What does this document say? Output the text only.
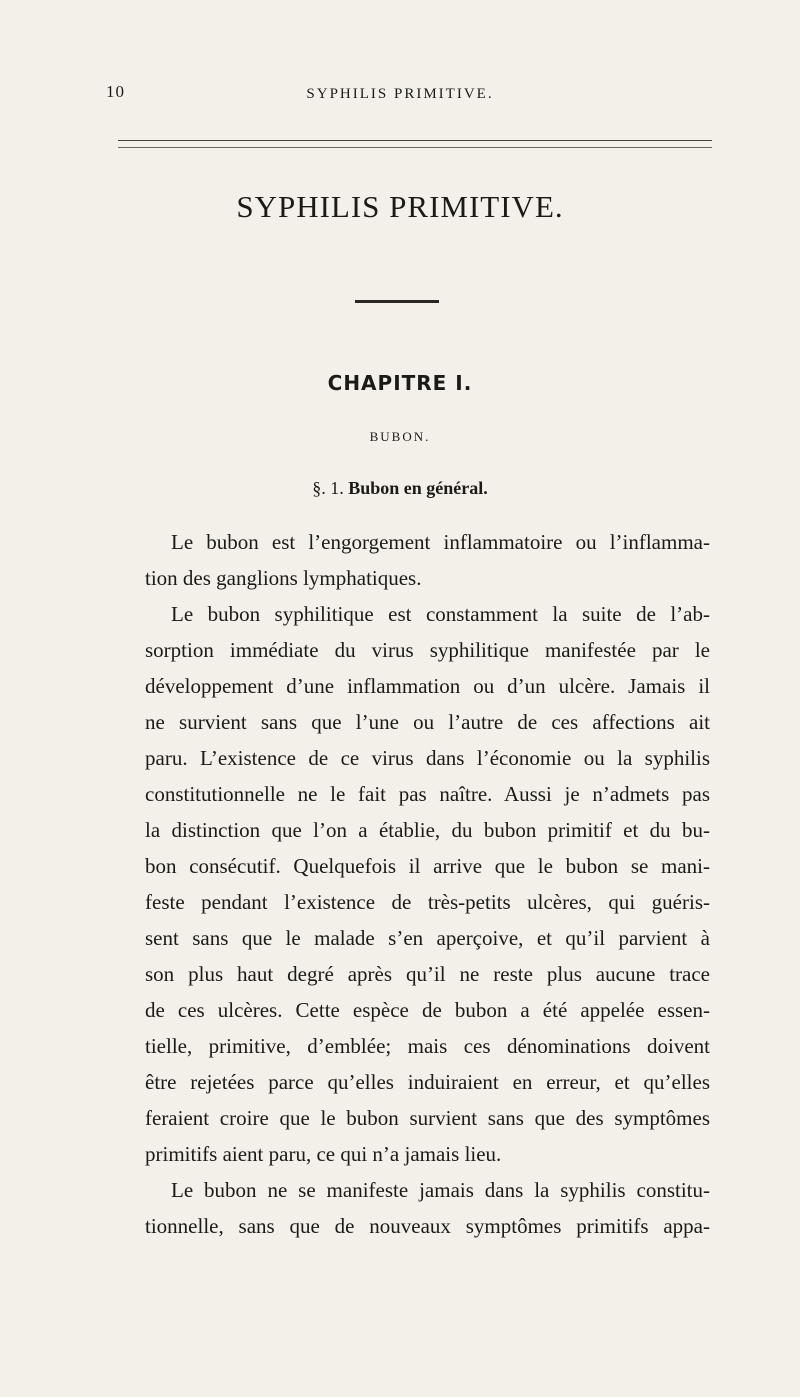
10	SYPHILIS PRIMITIVE.
SYPHILIS PRIMITIVE.
CHAPITRE I.
BUBON.
§. 1. Bubon en général.
Le bubon est l’engorgement inflammatoire ou l’inflamma-
tion des ganglions lymphatiques.
Le bubon syphilitique est constamment la suite de l’ab-
sorption immédiate du virus syphilitique manifestée par le
développement d’une inflammation ou d’un ulcère. Jamais il
ne survient sans que l’une ou l’autre de ces affections ait
paru. L’existence de ce virus dans l’économie ou la syphilis
constitutionnelle ne le fait pas naître. Aussi je n’admets pas
la distinction que l’on a établie, du bubon primitif et du bu-
bon consécutif. Quelquefois il arrive que le bubon se mani-
feste pendant l’existence de très-petits ulcères, qui guéris-
sent sans que le malade s’en aperçoive, et qu’il parvient à
son plus haut degré après qu’il ne reste plus aucune trace
de ces ulcères. Cette espèce de bubon a été appelée essen-
tielle, primitive, d’emblée; mais ces dénominations doivent
être rejetées parce qu’elles induiraient en erreur, et qu’elles
feraient croire que le bubon survient sans que des symptômes
primitifs aient paru, ce qui n’a jamais lieu.
Le bubon ne se manifeste jamais dans la syphilis constitu-
tionnelle, sans que de nouveaux symptômes primitifs appa-
